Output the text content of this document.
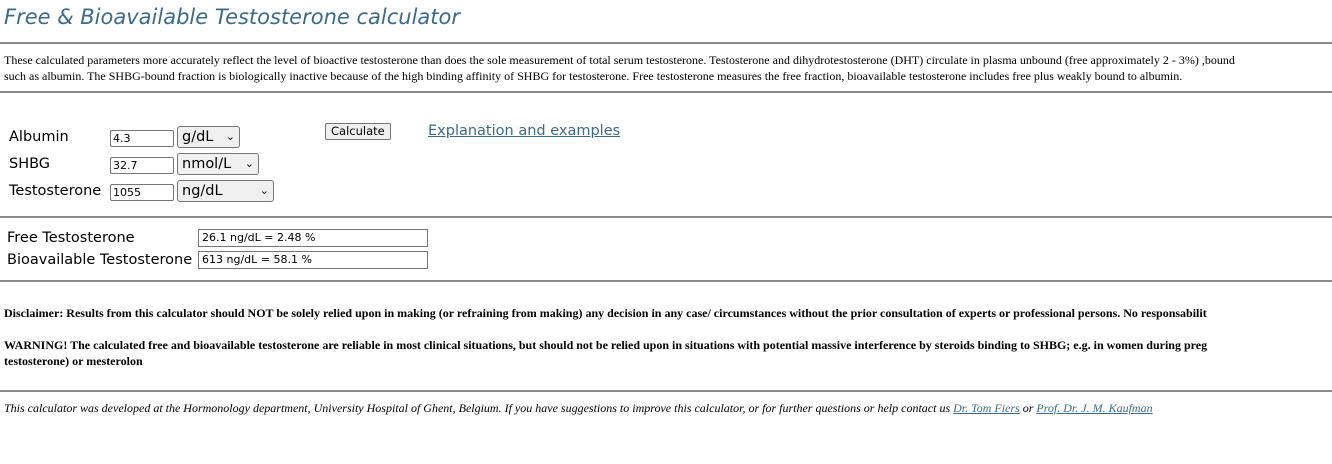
Free & Bioavailable Testosterone calculator
These calculated parameters more accurately reflect the level of bioactive testosterone than does the sole measurement of total serum testosterone. Testosterone and dihydrotestosterone (DHT) circulate in plasma unbound (free approximately 2 - 3%) ,bound
such as albumin. The SHBG-bound fraction is biologically inactive because of the high binding affinity of SHBG for testosterone. Free testosterone measures the free fraction, bioavailable testosterone includes free plus weakly bound to albumin.
Albumin	4.3	g/dL ⌄
SHBG	32.7	nmol/L ⌄
Testosterone 1055	ng/dL	⌄
Calculate	Explanation and examples
Free Testosterone	26.1 ng/dL = 2.48 %
Bioavailable Testosterone 613 ng/dL = 58.1 %
Disclaimer: Results from this calculator should NOT be solely relied upon in making (or refraining from making) any decision in any case/ circumstances without the prior consultation of experts or professional persons. No responsabilit
WARNING! The calculated free and bioavailable testosterone are reliable in most clinical situations, but should not be relied upon in situations with potential massive interference by steroids binding to SHBG; e.g. in women during preg
testosterone) or mesterolon
This calculator was developed at the Hormonology department, University Hospital of Ghent, Belgium. If you have suggestions to improve this calculator, or for further questions or help contact us Dr. Tom Fiers or Prof. Dr. J. M. Kaufman
